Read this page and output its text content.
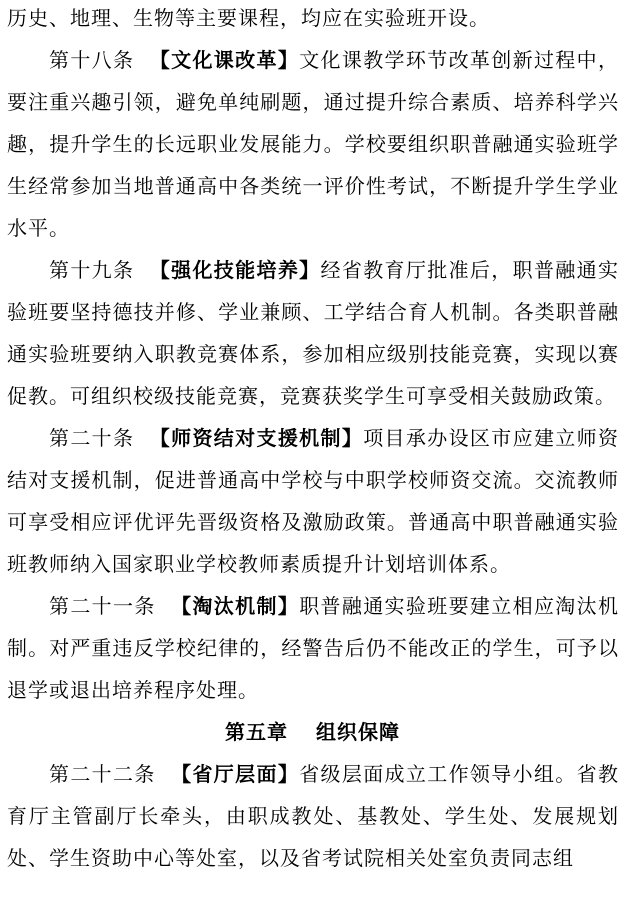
历史、地理、生物等主要课程，均应在实验班开设。

第十八条 【文化课改革】文化课教学环节改革创新过程中，要注重兴趣引领，避免单纯刷题，通过提升综合素质、培养科学兴趣，提升学生的长远职业发展能力。学校要组织职普融通实验班学生经常参加当地普通高中各类统一评价性考试，不断提升学生学业水平。

第十九条 【强化技能培养】经省教育厅批准后，职普融通实验班要坚持德技并修、学业兼顾、工学结合育人机制。各类职普融通实验班要纳入职教竞赛体系，参加相应级别技能竞赛，实现以赛促教。可组织校级技能竞赛，竞赛获奖学生可享受相关鼓励政策。

第二十条 【师资结对支援机制】项目承办设区市应建立师资结对支援机制，促进普通高中学校与中职学校师资交流。交流教师可享受相应评优评先晋级资格及激励政策。普通高中职普融通实验班教师纳入国家职业学校教师素质提升计划培训体系。

第二十一条 【淘汰机制】职普融通实验班要建立相应淘汰机制。对严重违反学校纪律的，经警告后仍不能改正的学生，可予以退学或退出培养程序处理。

第五章 组织保障

第二十二条 【省厅层面】省级层面成立工作领导小组。省教育厅主管副厅长牵头，由职成教处、基教处、学生处、发展规划处、学生资助中心等处室，以及省考试院相关处室负责同志组
